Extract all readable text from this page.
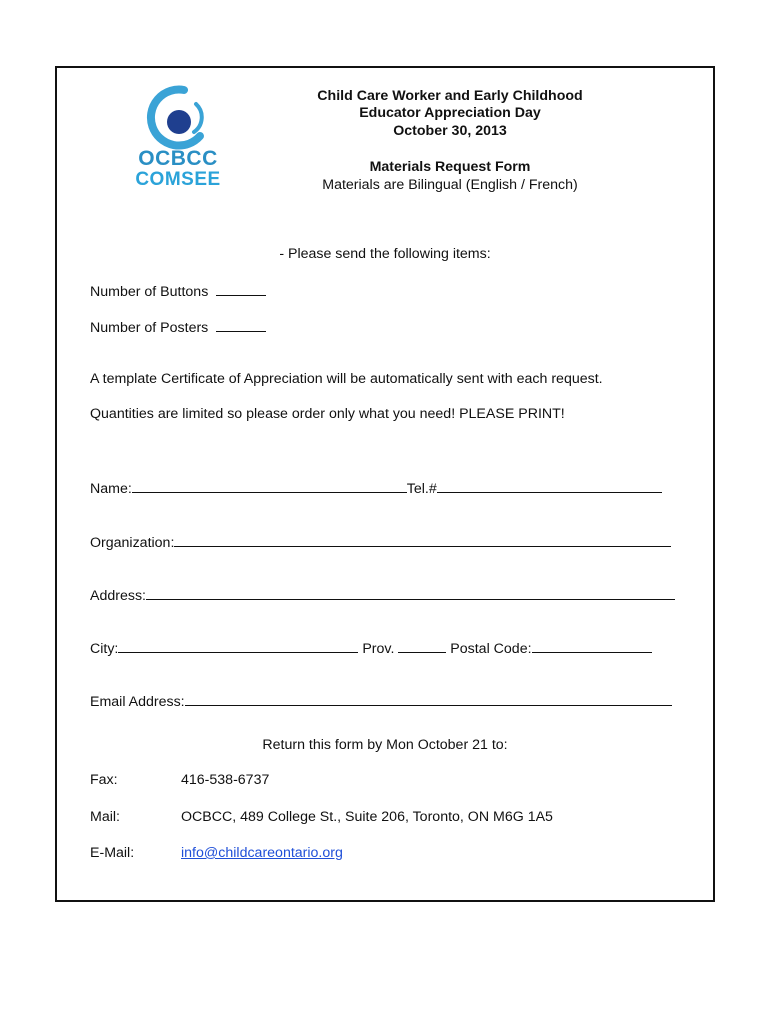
OCBCC
COMSEE
Child Care Worker and Early Childhood
Educator Appreciation Day
October 30, 2013
Materials Request Form
Materials are Bilingual (English / French)
- Please send the following items:
Number of Buttons
Number of Posters
A template Certificate of Appreciation will be automatically sent with each request.
Quantities are limited so please order only what you need! PLEASE PRINT!
Name:	Tel.#
Organization:
Address:
City:	Prov.	Postal Code:
Email Address:
Return this form by Mon October 21 to:
Fax:	416-538-6737
Mail:	OCBCC, 489 College St., Suite 206, Toronto, ON M6G 1A5
E-Mail:	info@childcareontario.org
